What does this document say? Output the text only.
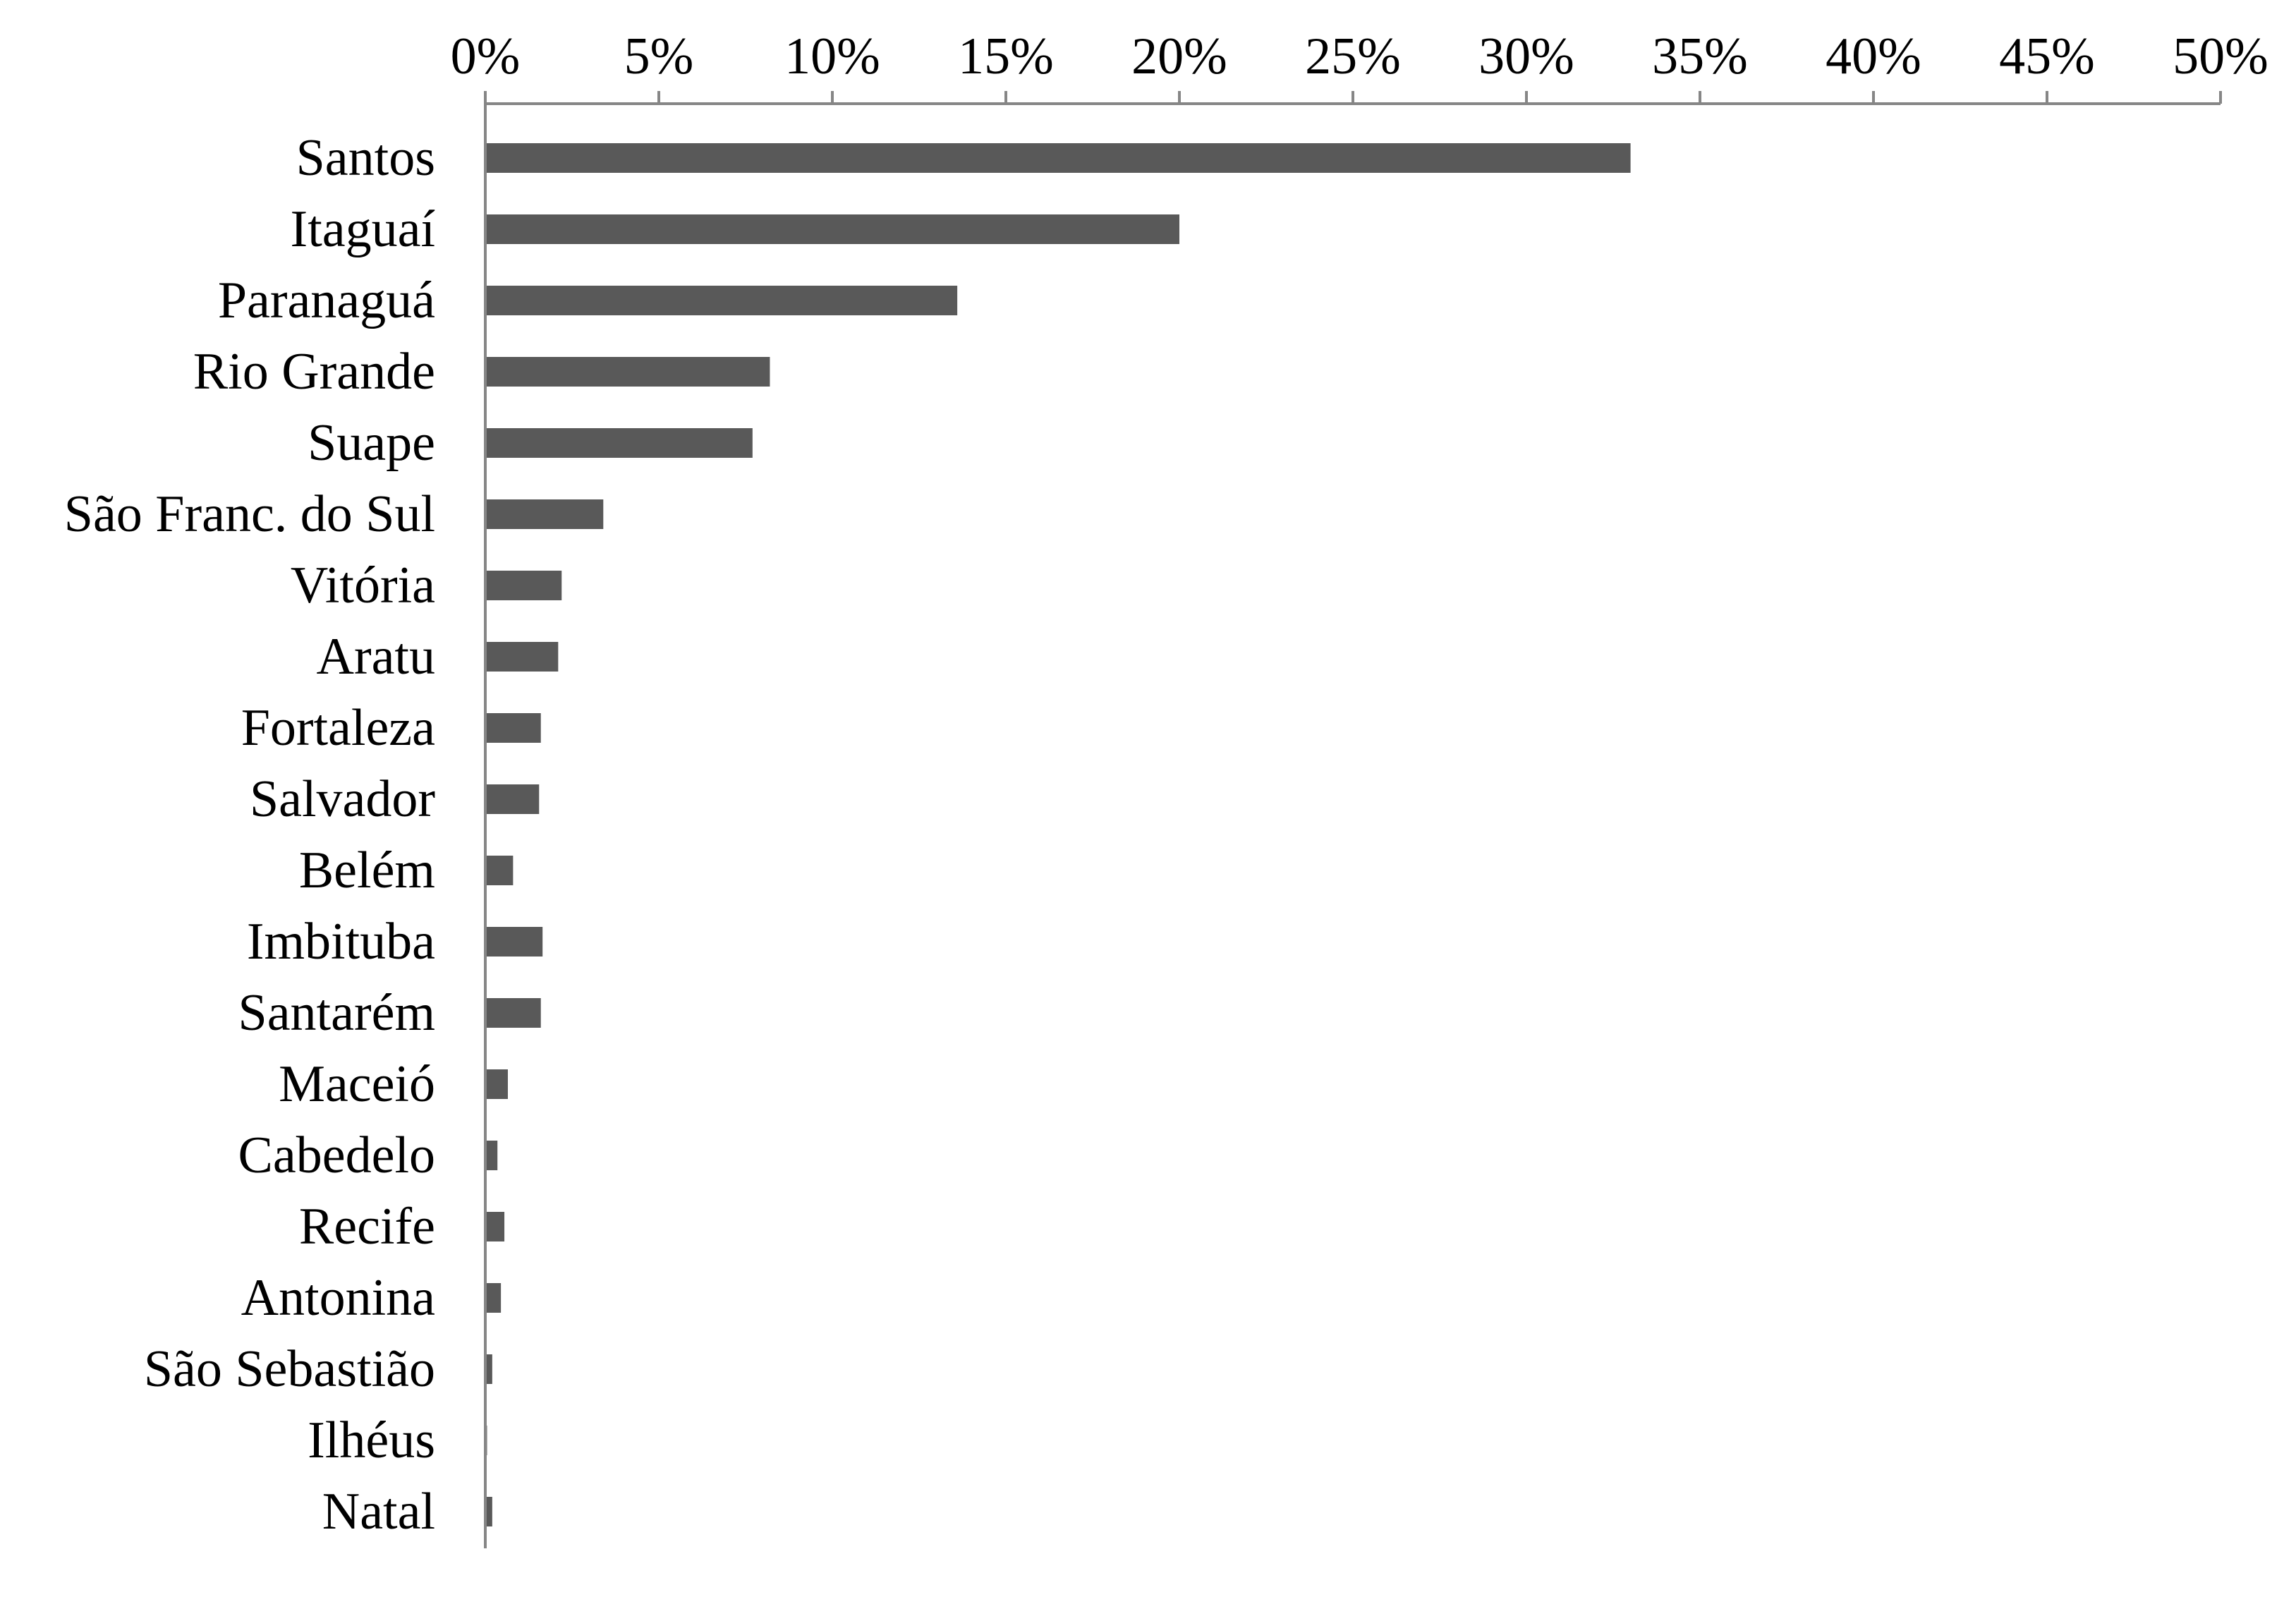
0% 5% 10% 15% 20% 25% 30% 35% 40% 45% 50%
Santos
Itaguaí
Paranaguá
Rio Grande
Suape
São Franc. do Sul
Vitória
Aratu
Fortaleza
Salvador
Belém
Imbituba
Santarém
Maceió
Cabedelo
Recife
Antonina
São Sebastião
Ilhéus
Natal
